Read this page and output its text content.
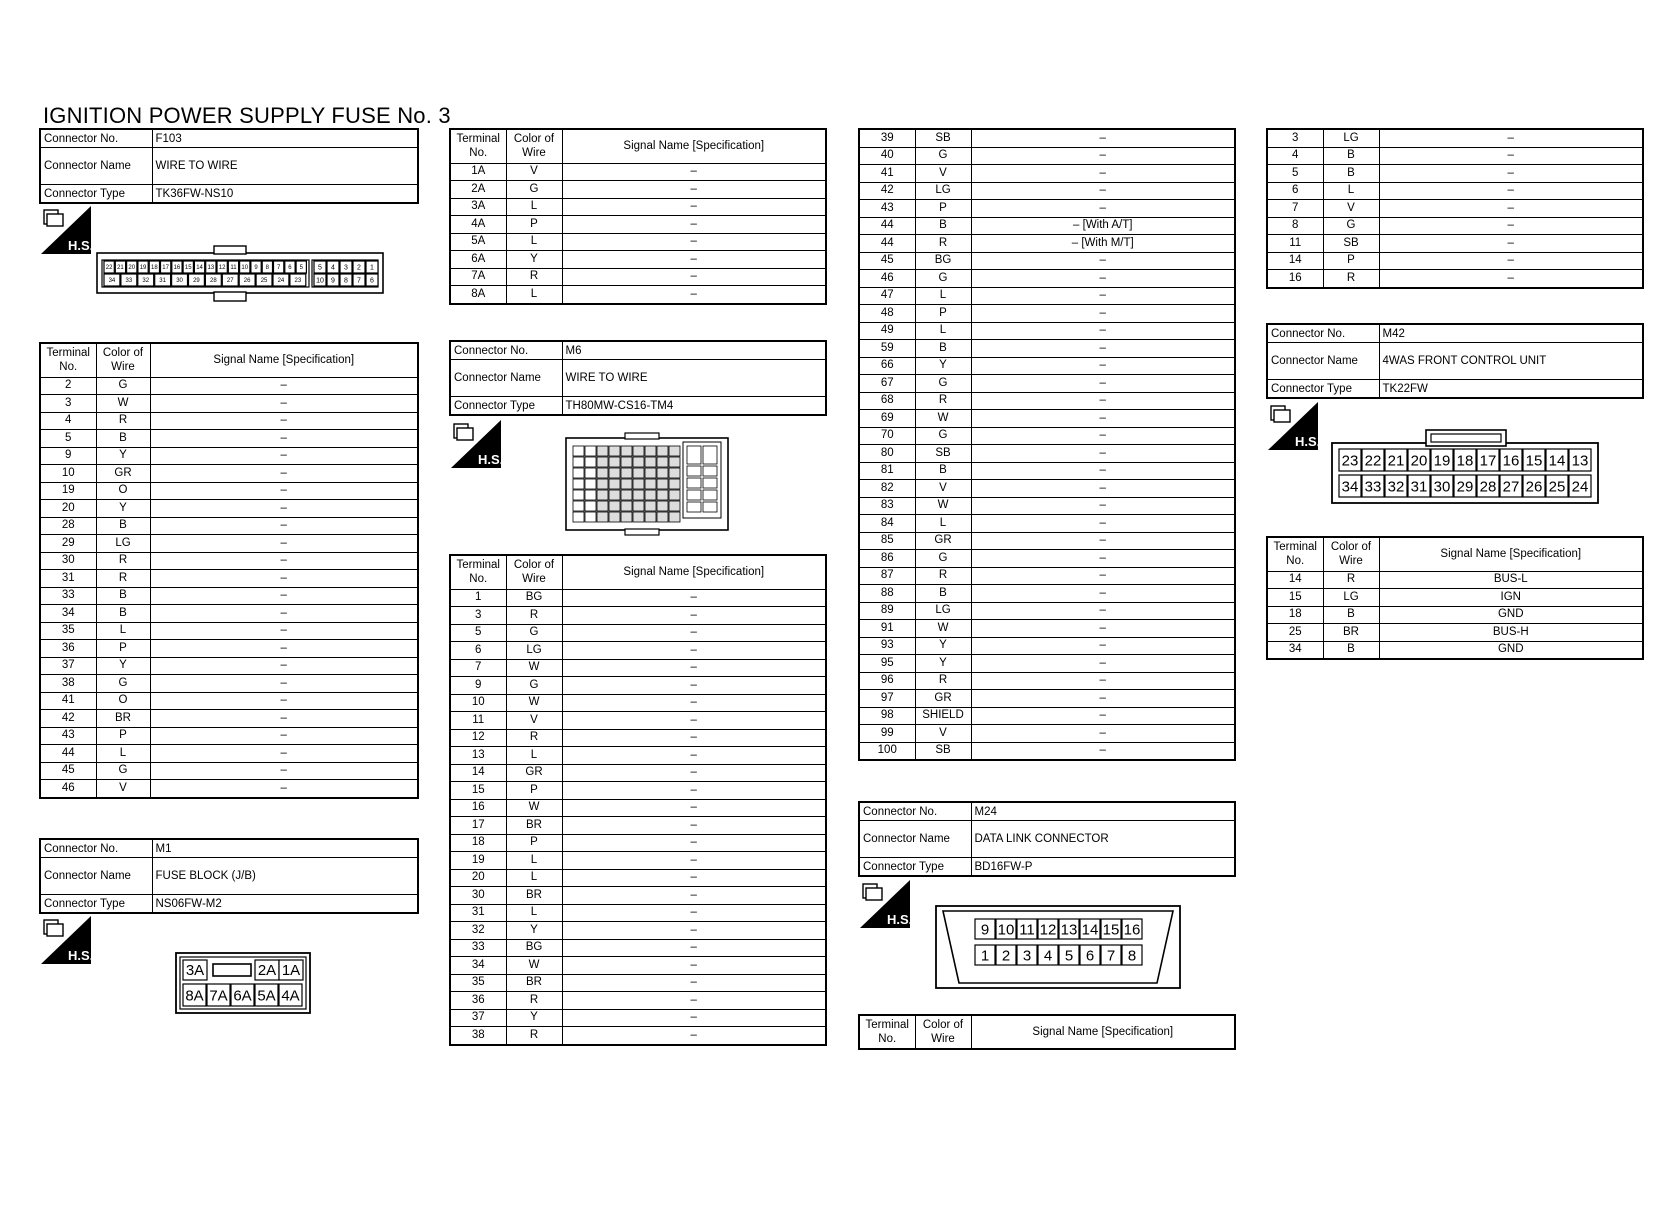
IGNITION POWER SUPPLY FUSE No. 3
Connector No.	F103
Connector Name	WIRE TO WIRE
Connector Type	TK36FW-NS10
H.S.
22 21 20 19 18 17 16 15 14 13 12 11 10 9 8 7 6 5
34 33 32 31 30 29 28 27 26 25 24 23
5 4 3 2 1
10 9 8 7 6
Terminal No.	Color of Wire	Signal Name [Specification]
2	G	–
3	W	–
4	R	–
5	B	–
9	Y	–
10	GR	–
19	O	–
20	Y	–
28	B	–
29	LG	–
30	R	–
31	R	–
33	B	–
34	B	–
35	L	–
36	P	–
37	Y	–
38	G	–
41	O	–
42	BR	–
43	P	–
44	L	–
45	G	–
46	V	–
Connector No.	M1
Connector Name	FUSE BLOCK (J/B)
Connector Type	NS06FW-M2
H.S.
3A	2A 1A
8A 7A 6A 5A 4A
Terminal No.	Color of Wire	Signal Name [Specification]
1A	V	–
2A	G	–
3A	L	–
4A	P	–
5A	L	–
6A	Y	–
7A	R	–
8A	L	–
Connector No.	M6
Connector Name	WIRE TO WIRE
Connector Type	TH80MW-CS16-TM4
H.S.
Terminal No.	Color of Wire	Signal Name [Specification]
1	BG	–
3	R	–
5	G	–
6	LG	–
7	W	–
9	G	–
10	W	–
11	V	–
12	R	–
13	L	–
14	GR	–
15	P	–
16	W	–
17	BR	–
18	P	–
19	L	–
20	L	–
30	BR	–
31	L	–
32	Y	–
33	BG	–
34	W	–
35	BR	–
36	R	–
37	Y	–
38	R	–
39	SB	–
40	G	–
41	V	–
42	LG	–
43	P	–
44	B	– [With A/T]
44	R	– [With M/T]
45	BG	–
46	G	–
47	L	–
48	P	–
49	L	–
59	B	–
66	Y	–
67	G	–
68	R	–
69	W	–
70	G	–
80	SB	–
81	B	–
82	V	–
83	W	–
84	L	–
85	GR	–
86	G	–
87	R	–
88	B	–
89	LG	–
91	W	–
93	Y	–
95	Y	–
96	R	–
97	GR	–
98	SHIELD	–
99	V	–
100	SB	–
Connector No.	M24
Connector Name	DATA LINK CONNECTOR
Connector Type	BD16FW-P
H.S.
9 10 11 12 13 14 15 16
1 2 3 4 5 6 7 8
Terminal No.	Color of Wire	Signal Name [Specification]
3	LG	–
4	B	–
5	B	–
6	L	–
7	V	–
8	G	–
11	SB	–
14	P	–
16	R	–
Connector No.	M42
Connector Name	4WAS FRONT CONTROL UNIT
Connector Type	TK22FW
H.S.
23 22 21 20 19 18 17 16 15 14 13
34 33 32 31 30 29 28 27 26 25 24
Terminal No.	Color of Wire	Signal Name [Specification]
14	R	BUS-L
15	LG	IGN
18	B	GND
25	BR	BUS-H
34	B	GND
